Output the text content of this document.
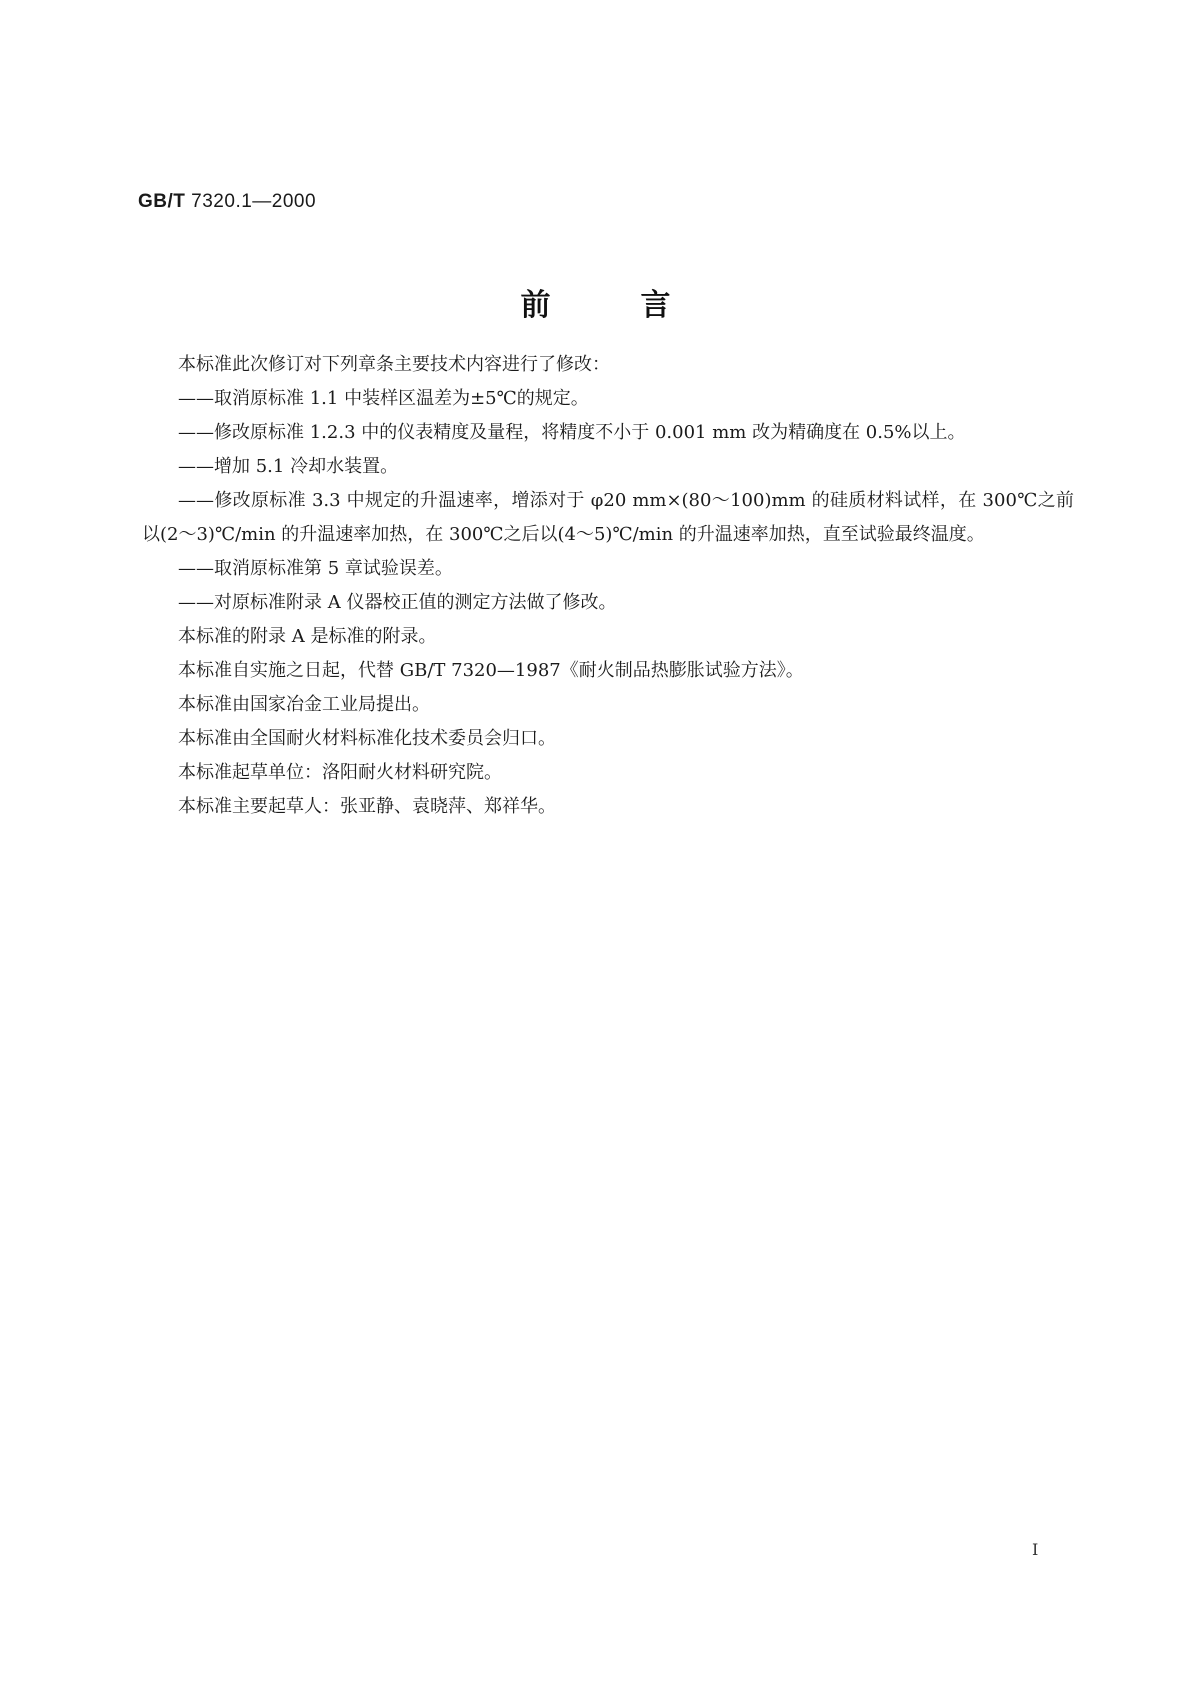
GB/T 7320.1—2000
前	言

本标准此次修订对下列章条主要技术内容进行了修改：

——取消原标准 1.1 中装样区温差为±5℃的规定。

——修改原标准 1.2.3 中的仪表精度及量程，将精度不小于 0.001 mm 改为精确度在 0.5%以上。

——增加 5.1 冷却水装置。

——修改原标准 3.3 中规定的升温速率，增添对于 φ20 mm×(80～100)mm 的硅质材料试样，在 300℃之前以(2～3)℃/min 的升温速率加热，在 300℃之后以(4～5)℃/min 的升温速率加热，直至试验最终温度。

——取消原标准第 5 章试验误差。

——对原标准附录 A 仪器校正值的测定方法做了修改。

本标准的附录 A 是标准的附录。

本标准自实施之日起，代替 GB/T 7320—1987《耐火制品热膨胀试验方法》。

本标准由国家冶金工业局提出。

本标准由全国耐火材料标准化技术委员会归口。

本标准起草单位：洛阳耐火材料研究院。

本标准主要起草人：张亚静、袁晓萍、郑祥华。

Ⅰ
